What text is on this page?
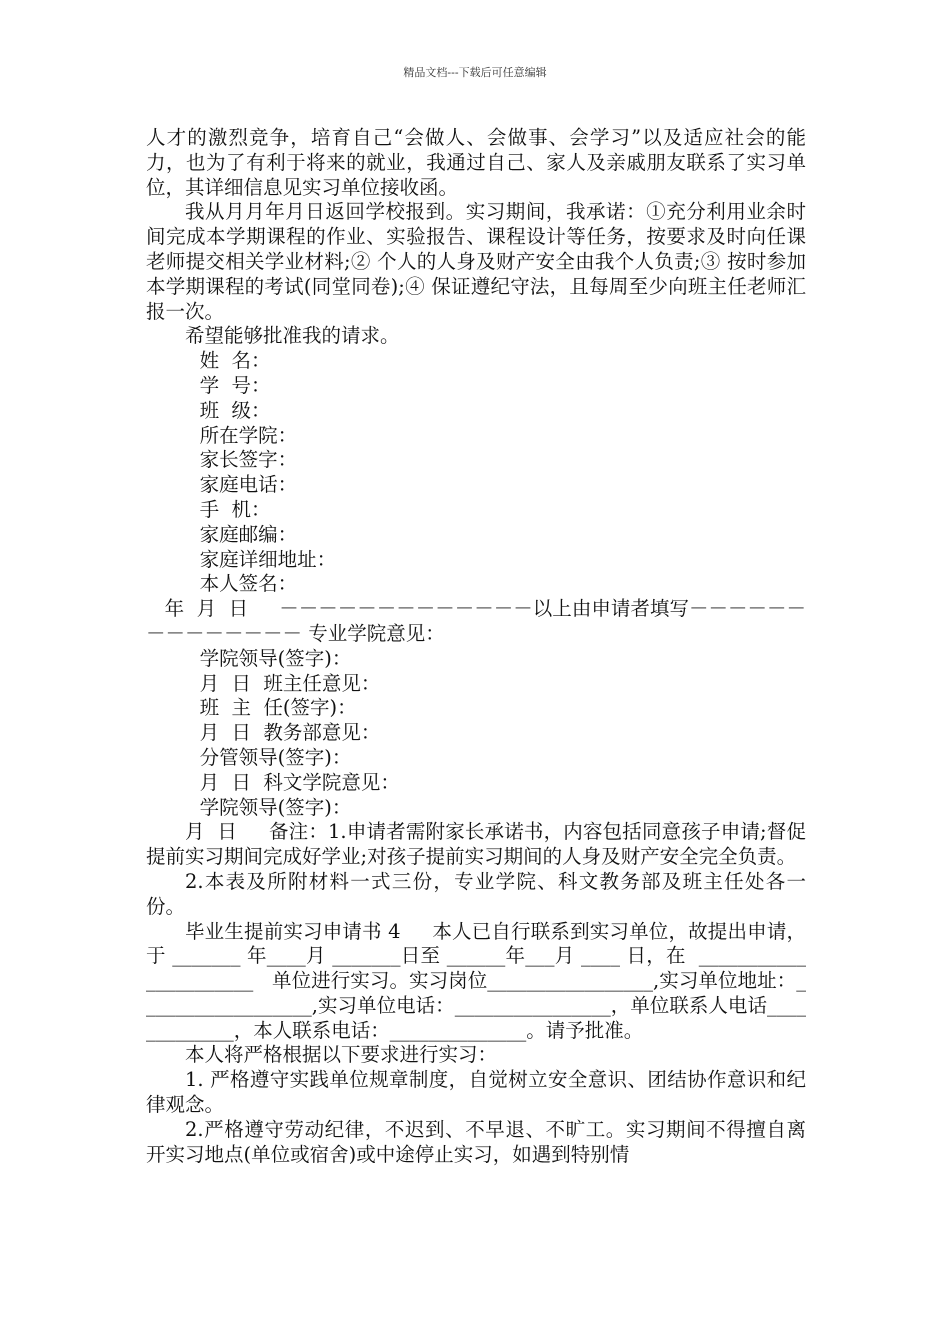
精品文档---下载后可任意编辑

人才的激烈竞争，培育自己“会做人、会做事、会学习”以及适应社会的能力，也为了有利于将来的就业，我通过自己、家人及亲戚朋友联系了实习单位，其详细信息见实习单位接收函。

我从月月年月日返回学校报到。实习期间，我承诺：①充分利用业余时间完成本学期课程的作业、实验报告、课程设计等任务，按要求及时向任课老师提交相关学业材料;② 个人的人身及财产安全由我个人负责;③ 按时参加本学期课程的考试(同堂同卷);④ 保证遵纪守法，且每周至少向班主任老师汇报一次。

希望能够批准我的请求。

姓  名：

学  号：

班  级：

所在学院：

家长签字：

家庭电话：

手  机：

家庭邮编：

家庭详细地址：

本人签名：

年  月  日     －－－－－－－－－－－－－以上由申请者填写－－－－－－－－－－－－－－ 专业学院意见：

学院领导(签字)：

月  日  班主任意见：

班  主  任(签字)：

月  日  教务部意见：

分管领导(签字)：

月  日  科文学院意见：

学院领导(签字)：

月  日     备注：1.申请者需附家长承诺书，内容包括同意孩子申请;督促提前实习期间完成好学业;对孩子提前实习期间的人身及财产安全完全负责。

2.本表及所附材料一式三份，专业学院、科文教务部及班主任处各一份。

毕业生提前实习申请书 4     本人已自行联系到实习单位，故提出申请，于 _______ 年____月 _______日至 ______年___月 ____ 日，在  ______________________   单位进行实习。实习岗位_________________,实习单位地址：__________________,实习单位电话：________________，单位联系人电话_____________，本人联系电话：______________。请予批准。

本人将严格根据以下要求进行实习：

1. 严格遵守实践单位规章制度，自觉树立安全意识、团结协作意识和纪律观念。

2.严格遵守劳动纪律，不迟到、不早退、不旷工。实习期间不得擅自离开实习地点(单位或宿舍)或中途停止实习，如遇到特别情
